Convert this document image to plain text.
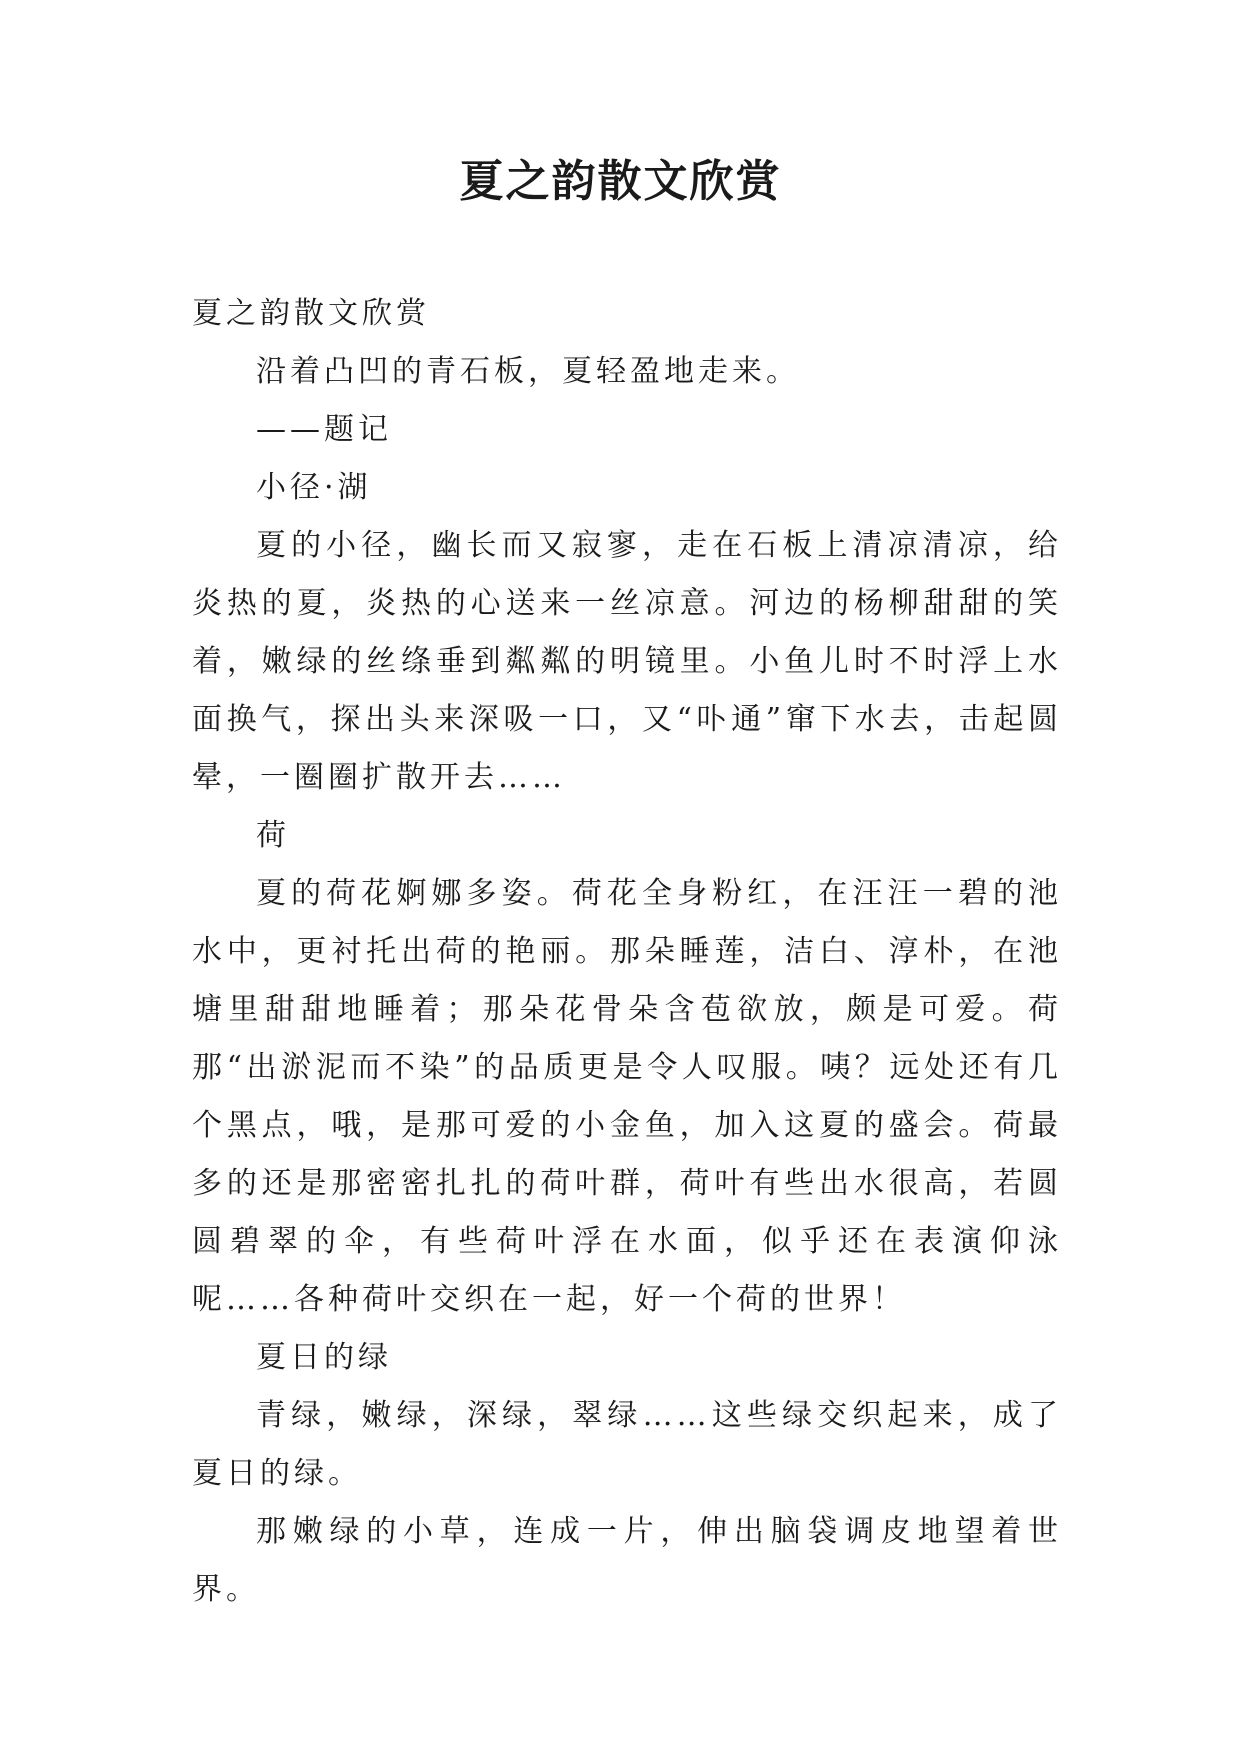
夏之韵散文欣赏

夏之韵散文欣赏

沿着凸凹的青石板，夏轻盈地走来。

——题记

小径·湖

夏的小径，幽长而又寂寥，走在石板上清凉清凉，给炎热的夏，炎热的心送来一丝凉意。河边的杨柳甜甜的笑着，嫩绿的丝绦垂到粼粼的明镜里。小鱼儿时不时浮上水面换气，探出头来深吸一口，又“卟通”窜下水去，击起圆晕，一圈圈扩散开去……

荷

夏的荷花婀娜多姿。荷花全身粉红，在汪汪一碧的池水中，更衬托出荷的艳丽。那朵睡莲，洁白、淳朴，在池塘里甜甜地睡着；那朵花骨朵含苞欲放，颇是可爱。荷那“出淤泥而不染”的品质更是令人叹服。咦？远处还有几个黑点，哦，是那可爱的小金鱼，加入这夏的盛会。荷最多的还是那密密扎扎的荷叶群，荷叶有些出水很高，若圆圆碧翠的伞，有些荷叶浮在水面，似乎还在表演仰泳呢……各种荷叶交织在一起，好一个荷的世界！

夏日的绿

青绿，嫩绿，深绿，翠绿……这些绿交织起来，成了夏日的绿。

那嫩绿的小草，连成一片，伸出脑袋调皮地望着世界。
